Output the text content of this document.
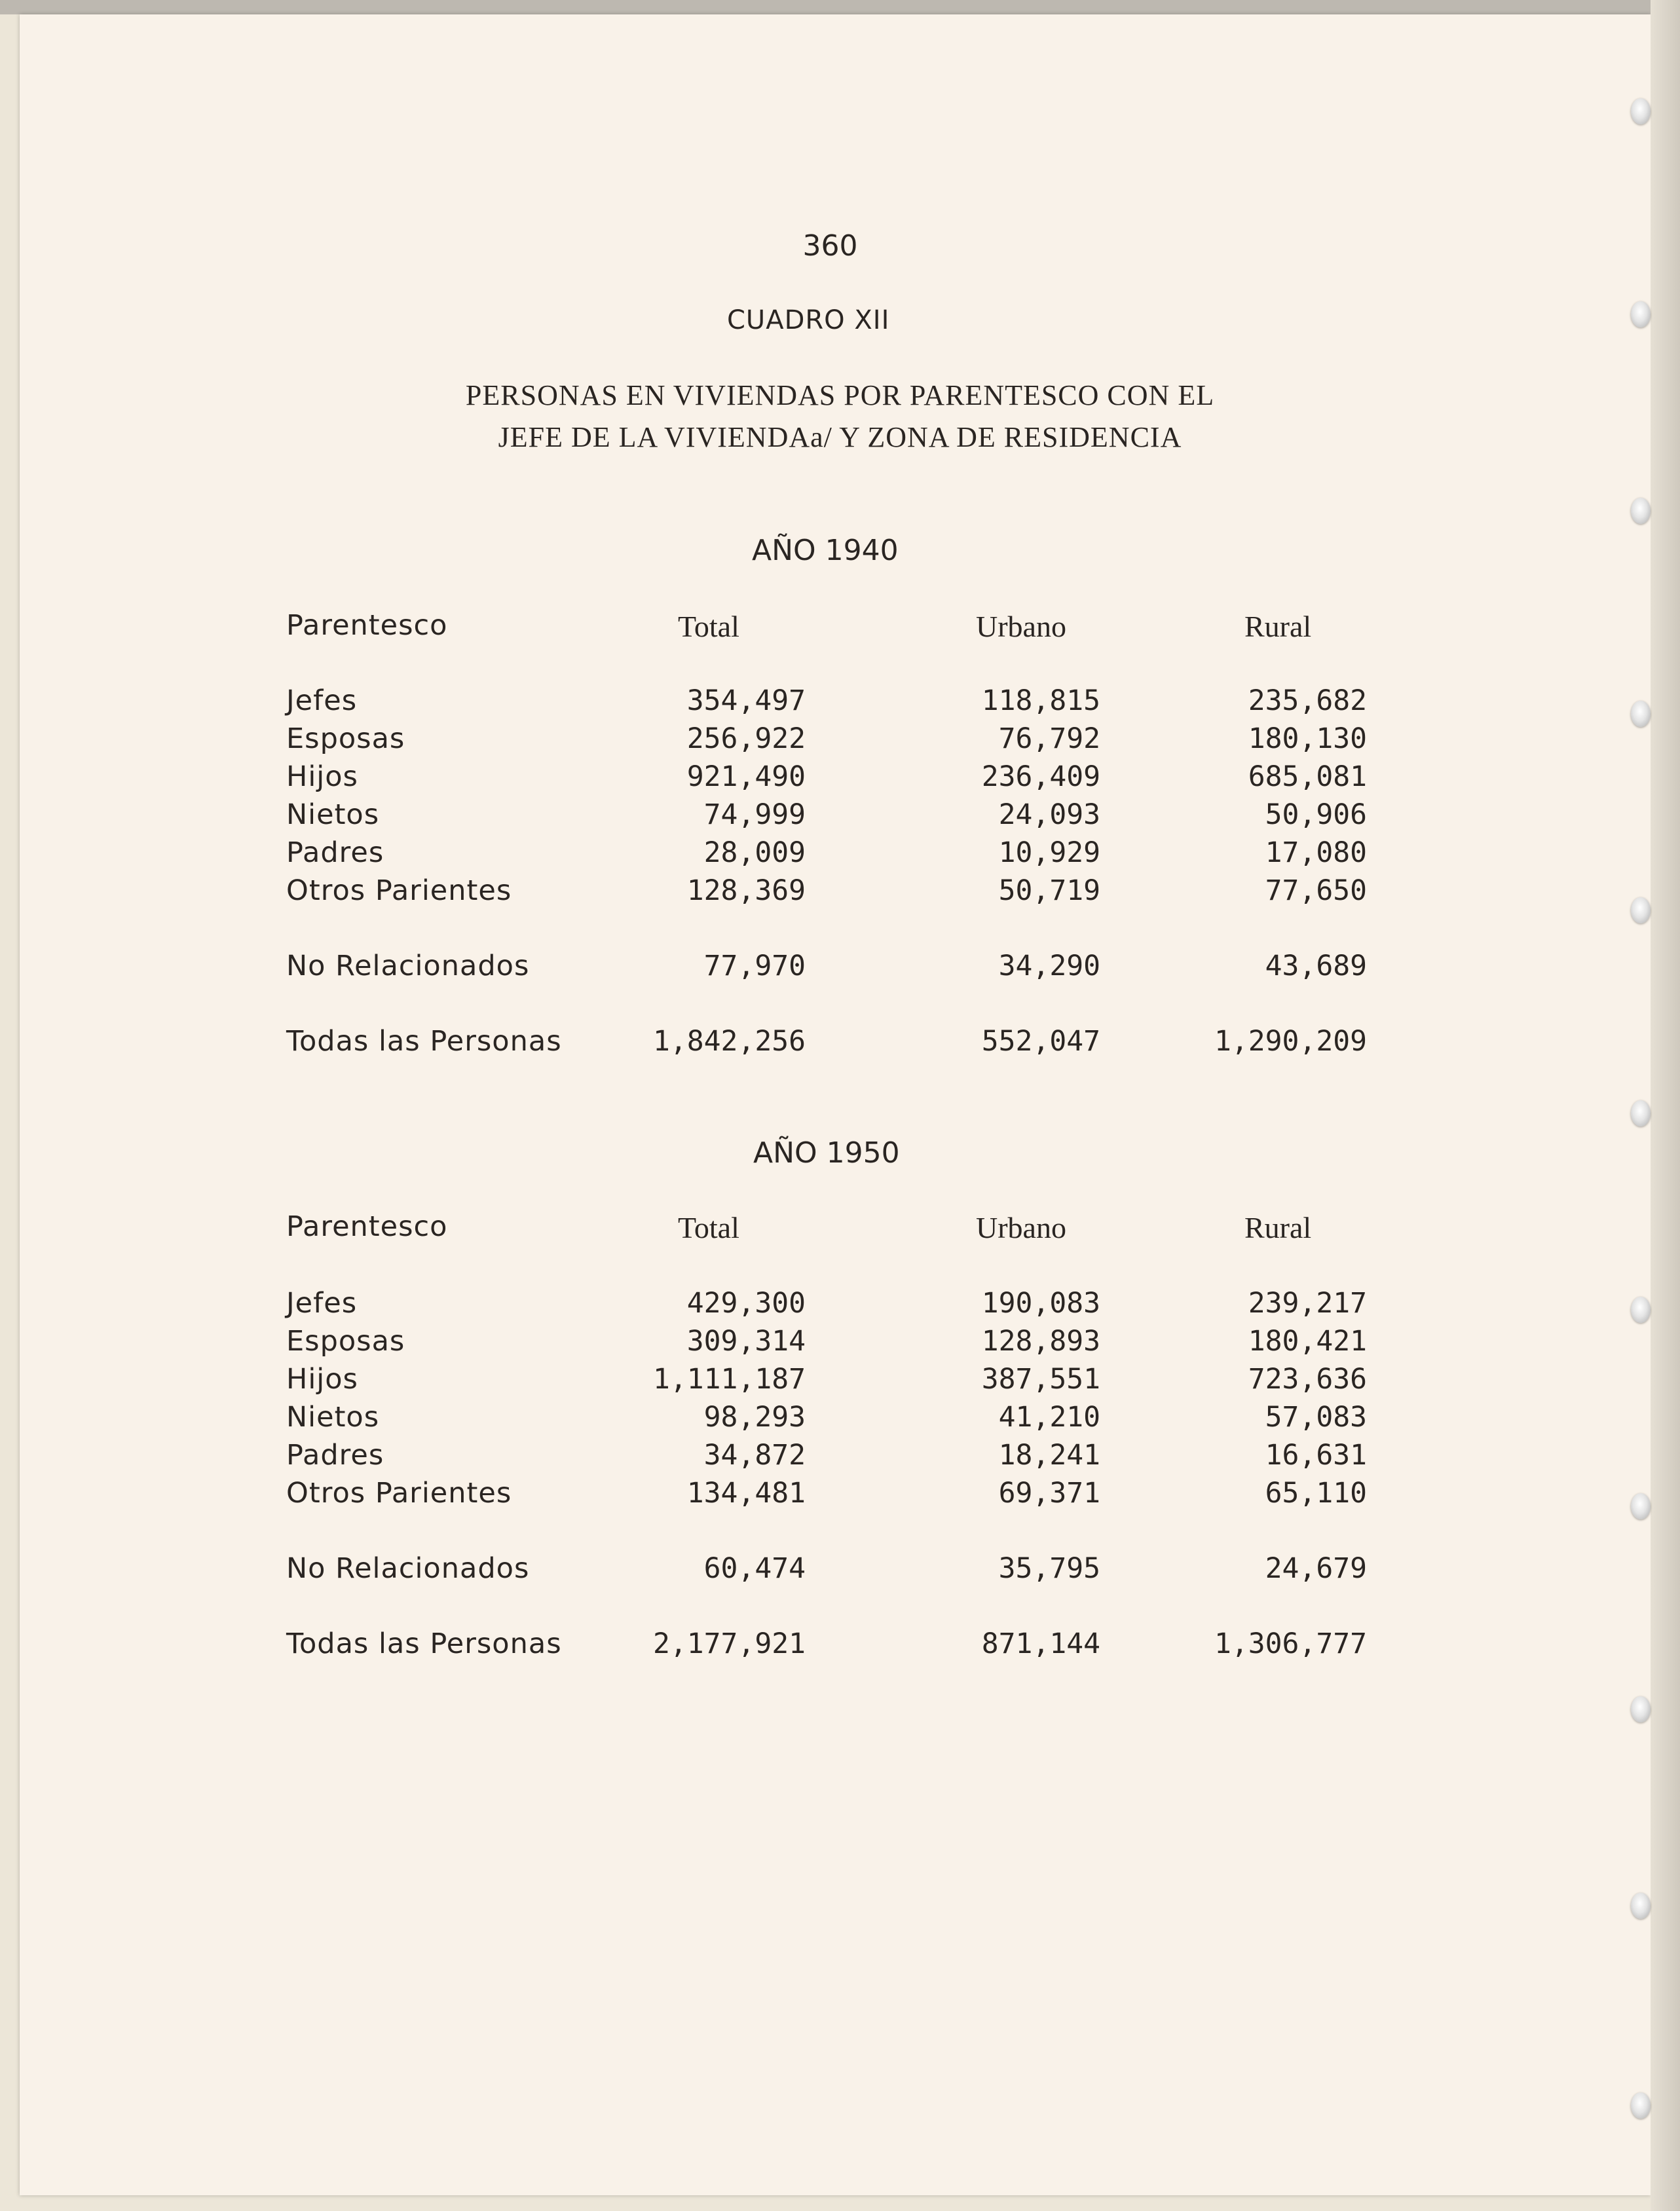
360
CUADRO XII
PERSONAS EN VIVIENDAS POR PARENTESCO CON EL
JEFE DE LA VIVIENDAa/ Y ZONA DE RESIDENCIA
AÑO 1940
Parentesco	Total	Urbano	Rural
Jefes	354,497	118,815	235,682
Esposas	256,922	76,792	180,130
Hijos	921,490	236,409	685,081
Nietos	74,999	24,093	50,906
Padres	28,009	10,929	17,080
Otros Parientes	128,369	50,719	77,650
No Relacionados	77,970	34,290	43,689
Todas las Personas	1,842,256	552,047	1,290,209
AÑO 1950
Parentesco	Total	Urbano	Rural
Jefes	429,300	190,083	239,217
Esposas	309,314	128,893	180,421
Hijos	1,111,187	387,551	723,636
Nietos	98,293	41,210	57,083
Padres	34,872	18,241	16,631
Otros Parientes	134,481	69,371	65,110
No Relacionados	60,474	35,795	24,679
Todas las Personas	2,177,921	871,144	1,306,777
